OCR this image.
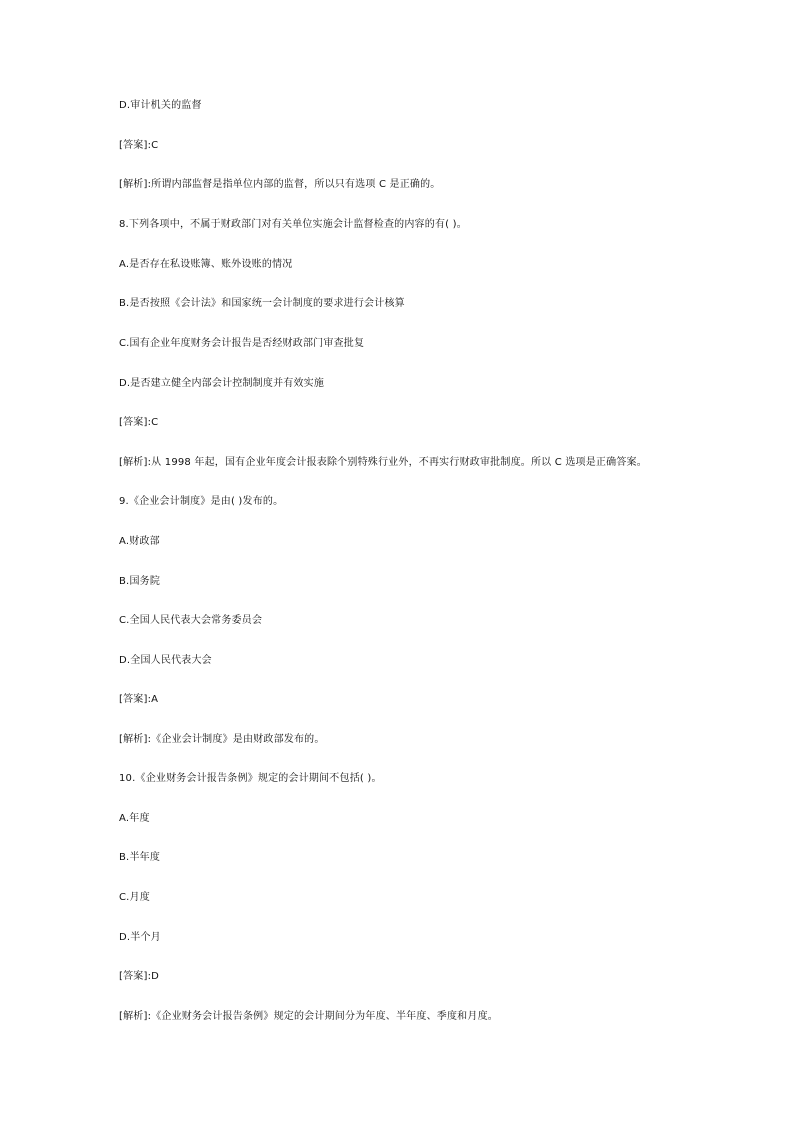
D.审计机关的监督
[答案]:C
[解析]:所谓内部监督是指单位内部的监督，所以只有选项 C 是正确的。
8.下列各项中，不属于财政部门对有关单位实施会计监督检查的内容的有( )。
A.是否存在私设账簿、账外设账的情况
B.是否按照《会计法》和国家统一会计制度的要求进行会计核算
C.国有企业年度财务会计报告是否经财政部门审查批复
D.是否建立健全内部会计控制制度并有效实施
[答案]:C
[解析]:从 1998 年起，国有企业年度会计报表除个别特殊行业外，不再实行财政审批制度。所以 C 选项是正确答案。
9.《企业会计制度》是由( )发布的。
A.财政部
B.国务院
C.全国人民代表大会常务委员会
D.全国人民代表大会
[答案]:A
[解析]:《企业会计制度》是由财政部发布的。
10.《企业财务会计报告条例》规定的会计期间不包括( )。
A.年度
B.半年度
C.月度
D.半个月
[答案]:D
[解析]:《企业财务会计报告条例》规定的会计期间分为年度、半年度、季度和月度。
